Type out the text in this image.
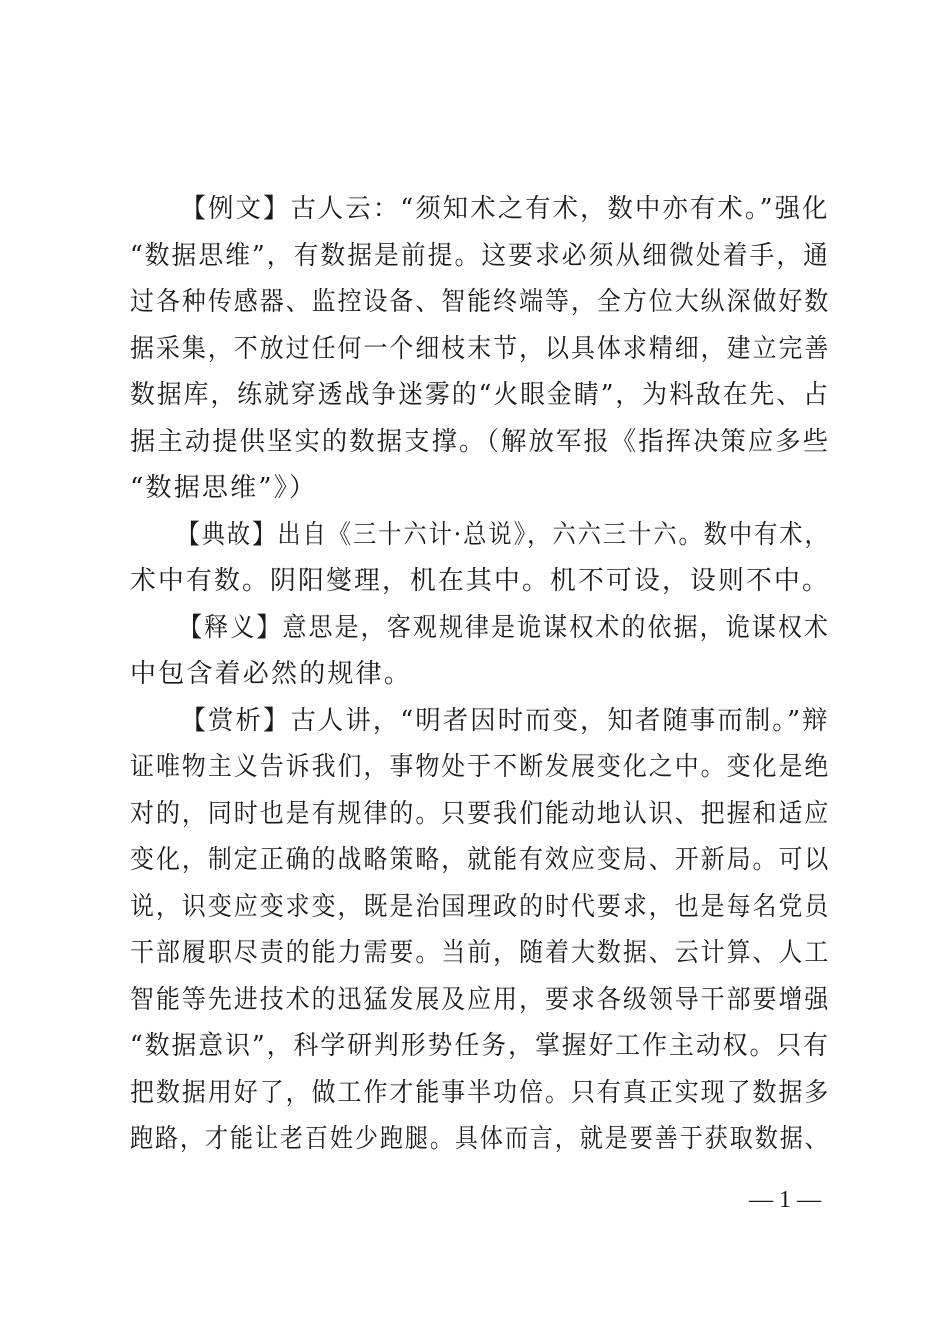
【例文】古人云：“须知术之有术，数中亦有术。”强化
“数据思维”，有数据是前提。这要求必须从细微处着手，通
过各种传感器、监控设备、智能终端等，全方位大纵深做好数
据采集，不放过任何一个细枝末节，以具体求精细，建立完善
数据库，练就穿透战争迷雾的“火眼金睛”，为料敌在先、占
据主动提供坚实的数据支撑。（解放军报《指挥决策应多些
“数据思维”》）
【典故】出自《三十六计·总说》，六六三十六。数中有术，
术中有数。阴阳燮理，机在其中。机不可设，设则不中。
【释义】意思是，客观规律是诡谋权术的依据，诡谋权术
中包含着必然的规律。
【赏析】古人讲，“明者因时而变，知者随事而制。”辩
证唯物主义告诉我们，事物处于不断发展变化之中。变化是绝
对的，同时也是有规律的。只要我们能动地认识、把握和适应
变化，制定正确的战略策略，就能有效应变局、开新局。可以
说，识变应变求变，既是治国理政的时代要求，也是每名党员
干部履职尽责的能力需要。当前，随着大数据、云计算、人工
智能等先进技术的迅猛发展及应用，要求各级领导干部要增强
“数据意识”，科学研判形势任务，掌握好工作主动权。只有
把数据用好了，做工作才能事半功倍。只有真正实现了数据多
跑路，才能让老百姓少跑腿。具体而言，就是要善于获取数据、
— 1 —
